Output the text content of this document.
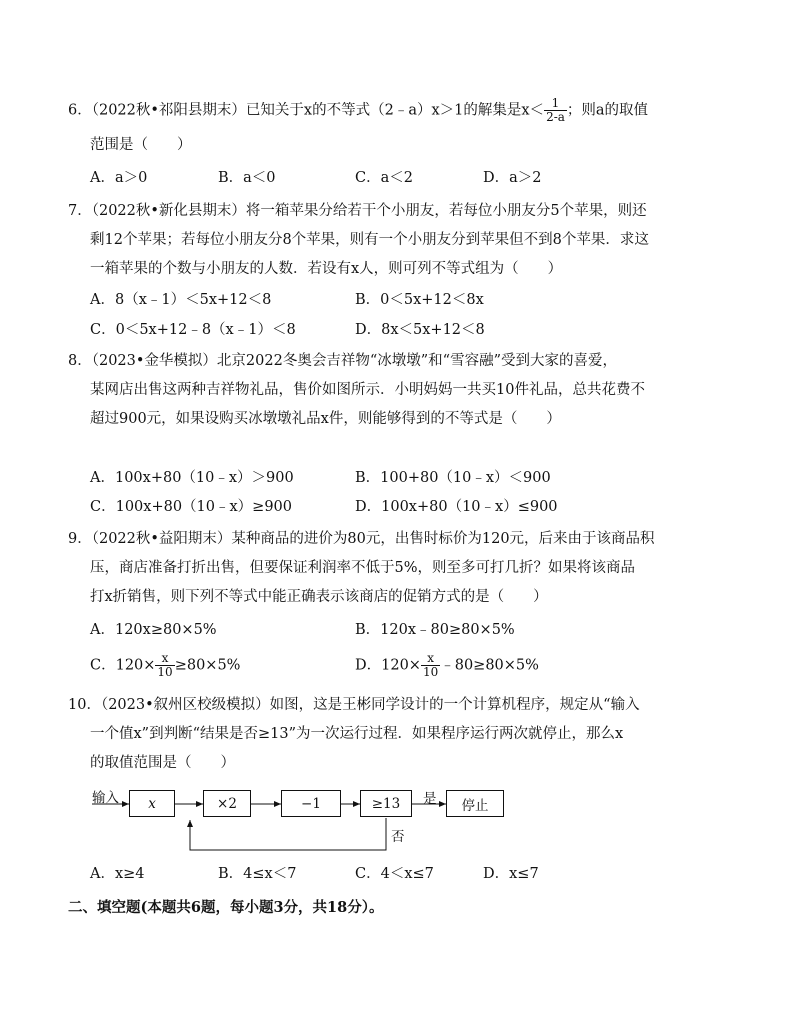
6．（2022秋•祁阳县期末）已知关于x的不等式（2﹣a）x＞1的解集是$x< \frac{1}{2-a}$ ；则a的取值
范围是（　　）
A．a＞0	B．a＜0	C．a＜2	D．a＞2
7．（2022秋•新化县期末）将一箱苹果分给若干个小朋友，若每位小朋友分5个苹果，则还
剩12个苹果；若每位小朋友分8个苹果，则有一个小朋友分到苹果但不到8个苹果．求这
一箱苹果的个数与小朋友的人数．若设有x人，则可列不等式组为（　　）
A．8（x﹣1）＜5x+12＜8	B．0＜5x+12＜8x
C．0＜5x+12﹣8（x﹣1）＜8	D．8x＜5x+12＜8
8．（2023•金华模拟）北京2022冬奥会吉祥物“冰墩墩”和“雪容融”受到大家的喜爱，
某网店出售这两种吉祥物礼品，售价如图所示．小明妈妈一共买10件礼品，总共花费不
超过900元，如果设购买冰墩墩礼品x件，则能够得到的不等式是（　　）
A．100x+80（10﹣x）＞900	B．100+80（10﹣x）＜900
C．100x+80（10﹣x）≥900	D．100x+80（10﹣x）≤900
9．（2022秋•益阳期末）某种商品的进价为80元，出售时标价为120元，后来由于该商品积
压，商店准备打折出售，但要保证利润率不低于5%，则至多可打几折？如果将该商品
打x折销售，则下列不等式中能正确表示该商店的促销方式的是（　　）
A．120x≥80×5%	B．120x﹣80≥80×5%
C．$120\times \frac{x}{10} \ge 80\times 5\%$	D．$120\times \frac{x}{10}$ ﹣80≥80×5%
10．（2023•叙州区校级模拟）如图，这是王彬同学设计的一个计算机程序，规定从“输入
一个值x”到判断“结果是否≥13”为一次运行过程．如果程序运行两次就停止，那么x
的取值范围是（　　）
输入 x	×2	−1	≥13	是
否
停止
A．x≥4	B．4≤x＜7	C．4＜x≤7	D．x≤7
二、填空题(本题共6题，每小题3分，共18分）。
